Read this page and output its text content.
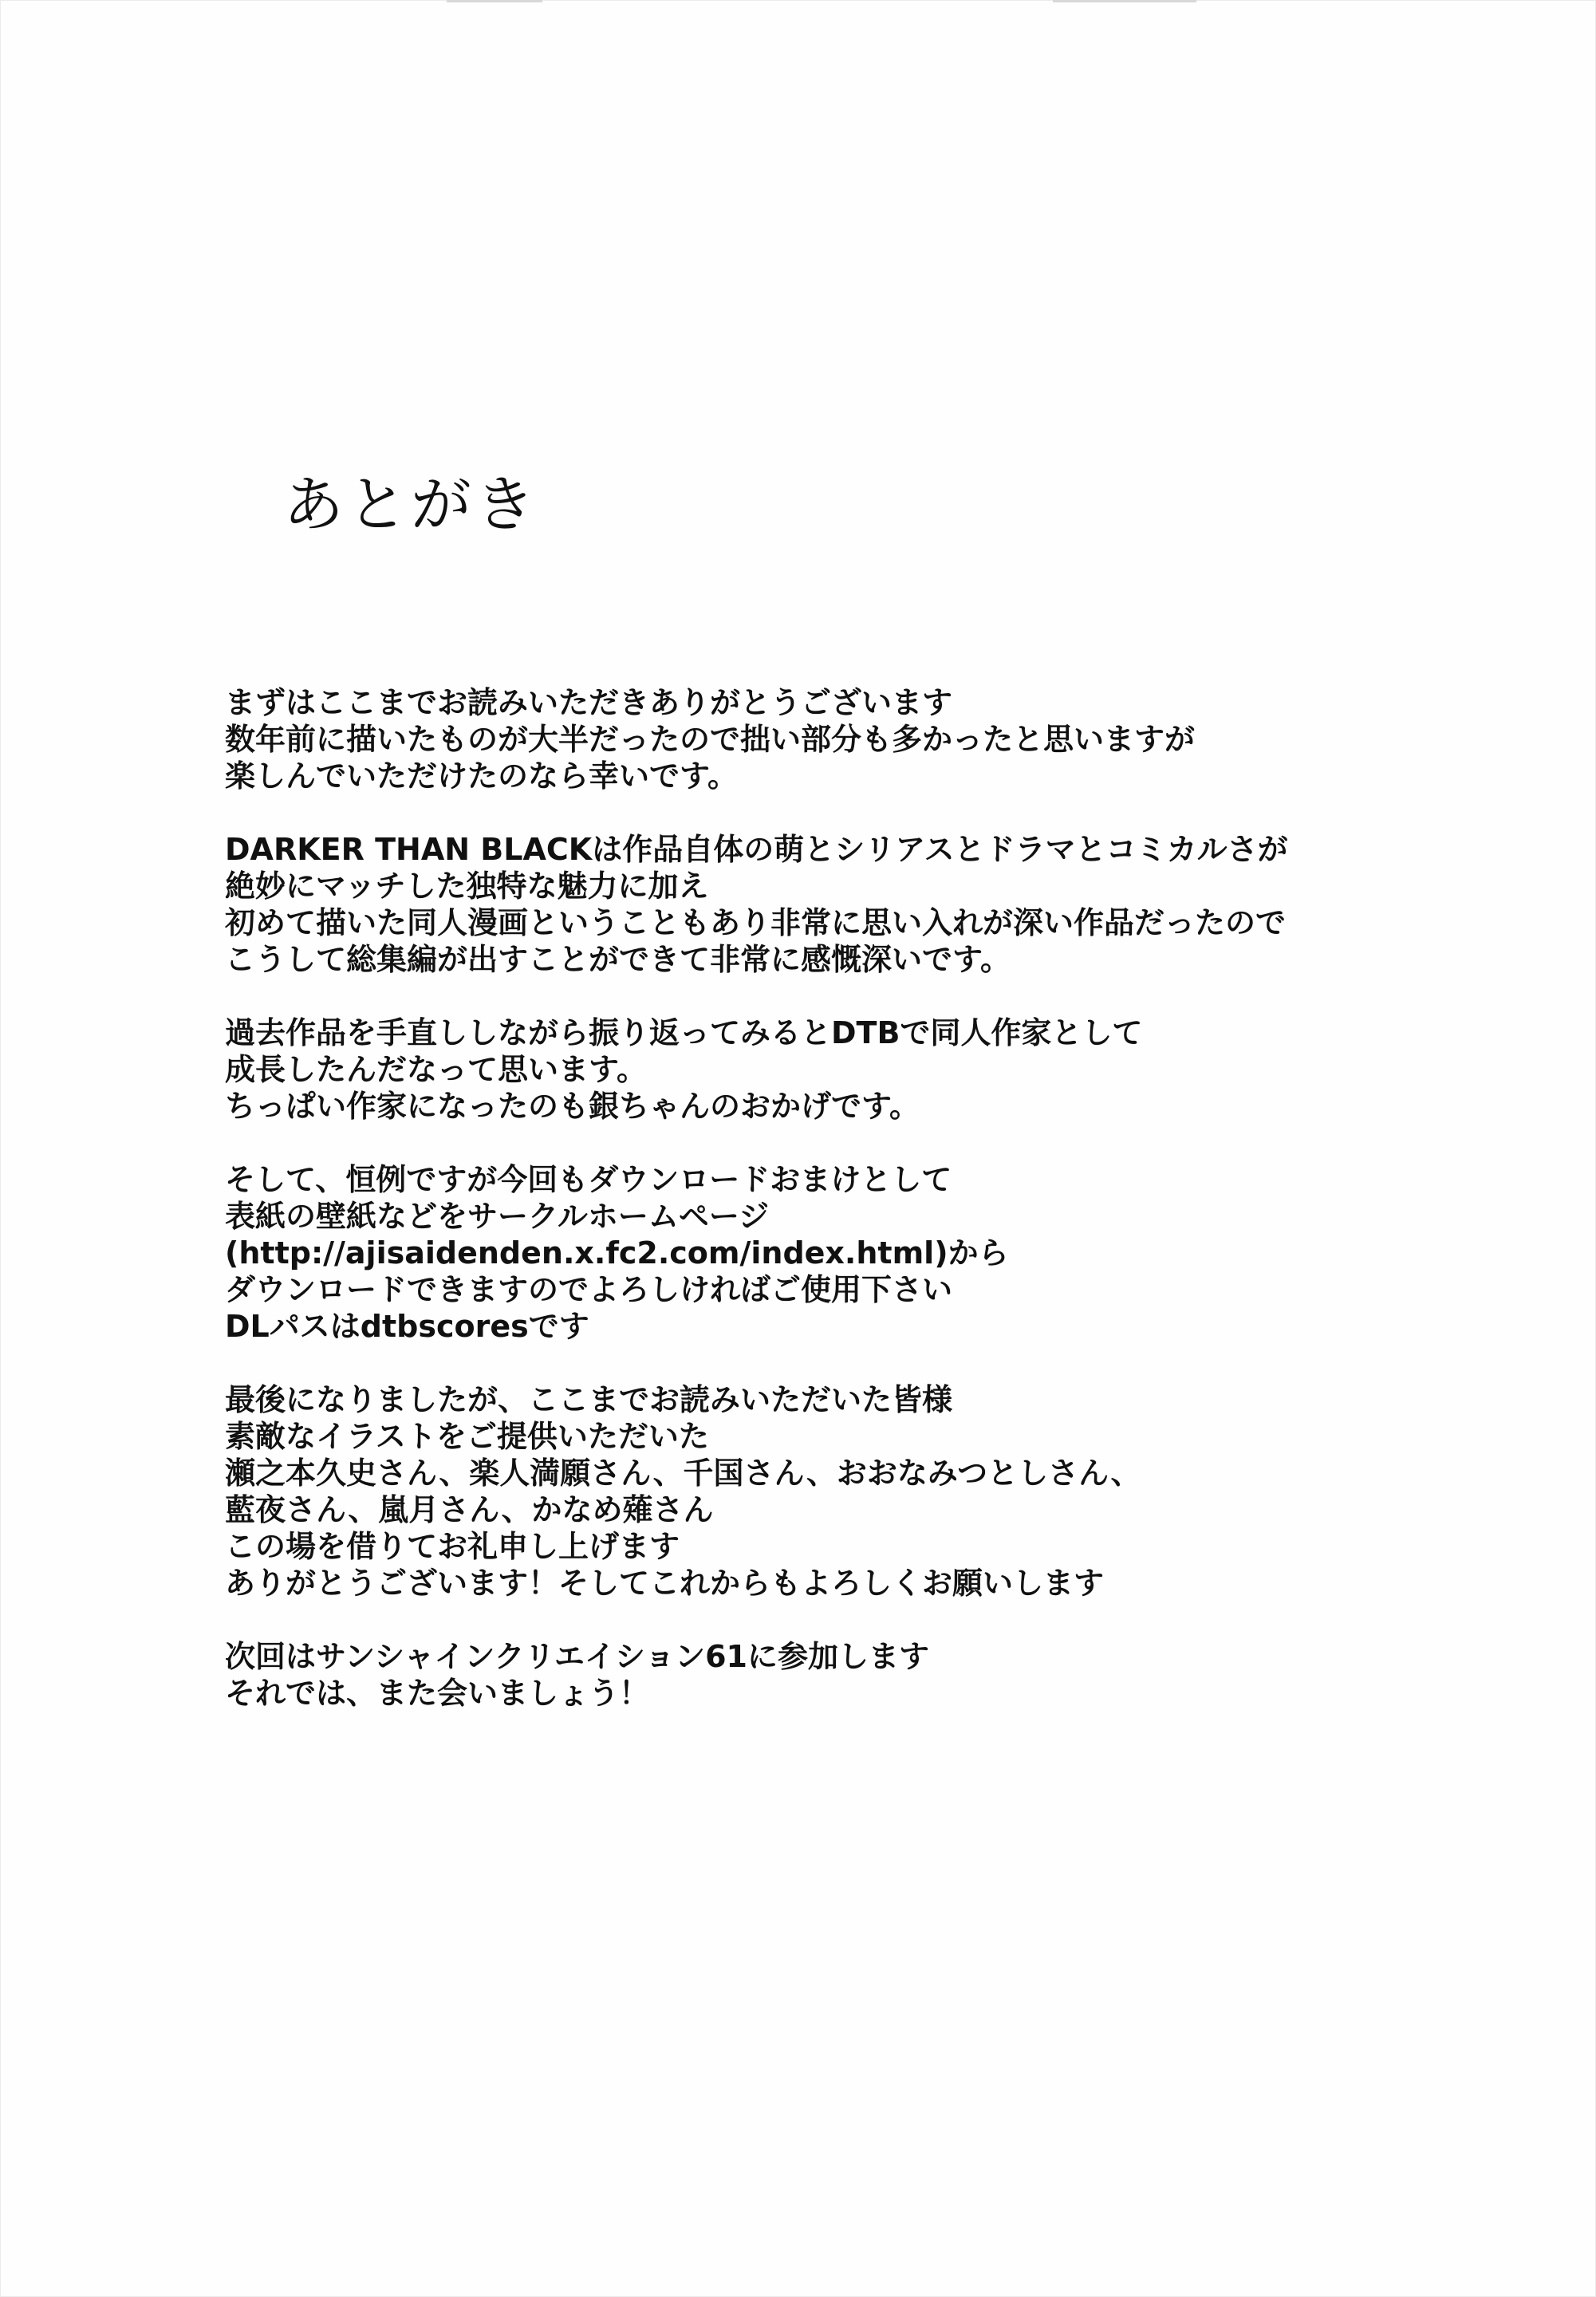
あとがき
まずはここまでお読みいただきありがとうございます
数年前に描いたものが大半だったので拙い部分も多かったと思いますが
楽しんでいただけたのなら幸いです。
DARKER THAN BLACKは作品自体の萌とシリアスとドラマとコミカルさが
絶妙にマッチした独特な魅力に加え
初めて描いた同人漫画ということもあり非常に思い入れが深い作品だったので
こうして総集編が出すことができて非常に感慨深いです。
過去作品を手直ししながら振り返ってみるとDTBで同人作家として
成長したんだなって思います。
ちっぱい作家になったのも銀ちゃんのおかげです。
そして、恒例ですが今回もダウンロードおまけとして
表紙の壁紙などをサークルホームページ
(http://ajisaidenden.x.fc2.com/index.html)から
ダウンロードできますのでよろしければご使用下さい
DLパスはdtbscoresです
最後になりましたが、ここまでお読みいただいた皆様
素敵なイラストをご提供いただいた
瀬之本久史さん、楽人満願さん、千国さん、おおなみつとしさん、
藍夜さん、嵐月さん、かなめ薙さん
この場を借りてお礼申し上げます
ありがとうございます！そしてこれからもよろしくお願いします
次回はサンシャインクリエイション61に参加します
それでは、また会いましょう！
